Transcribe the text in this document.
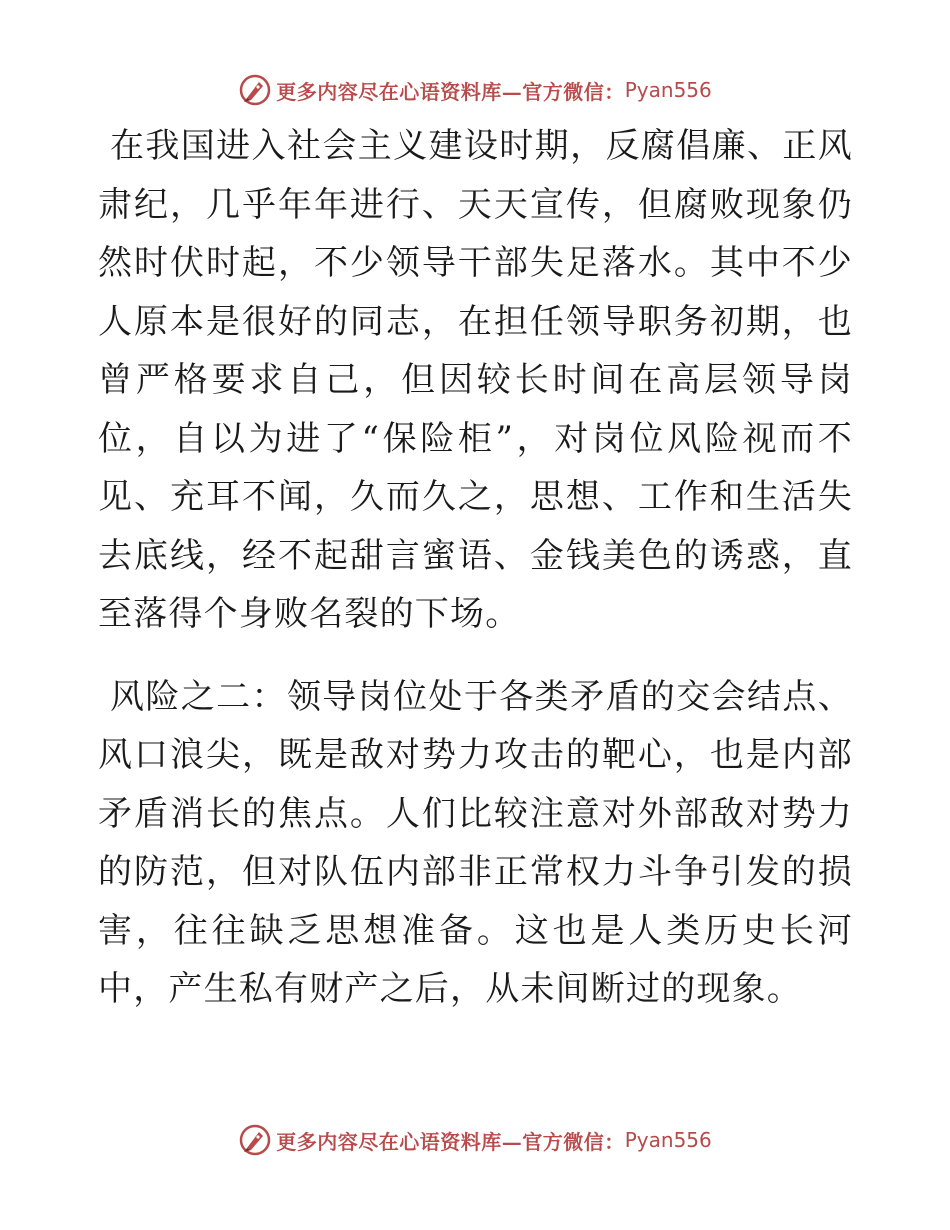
更多内容尽在心语资料库—官方微信： Pyan556

在我国进入社会主义建设时期，反腐倡廉、正风肃纪，几乎年年进行、天天宣传，但腐败现象仍然时伏时起，不少领导干部失足落水。其中不少人原本是很好的同志，在担任领导职务初期，也曾严格要求自己，但因较长时间在高层领导岗位，自以为进了“保险柜”，对岗位风险视而不见、充耳不闻，久而久之，思想、工作和生活失去底线，经不起甜言蜜语、金钱美色的诱惑，直至落得个身败名裂的下场。

风险之二：领导岗位处于各类矛盾的交会结点、风口浪尖，既是敌对势力攻击的靶心，也是内部矛盾消长的焦点。人们比较注意对外部敌对势力的防范，但对队伍内部非正常权力斗争引发的损害，往往缺乏思想准备。这也是人类历史长河中，产生私有财产之后，从未间断过的现象。

更多内容尽在心语资料库—官方微信： Pyan556
